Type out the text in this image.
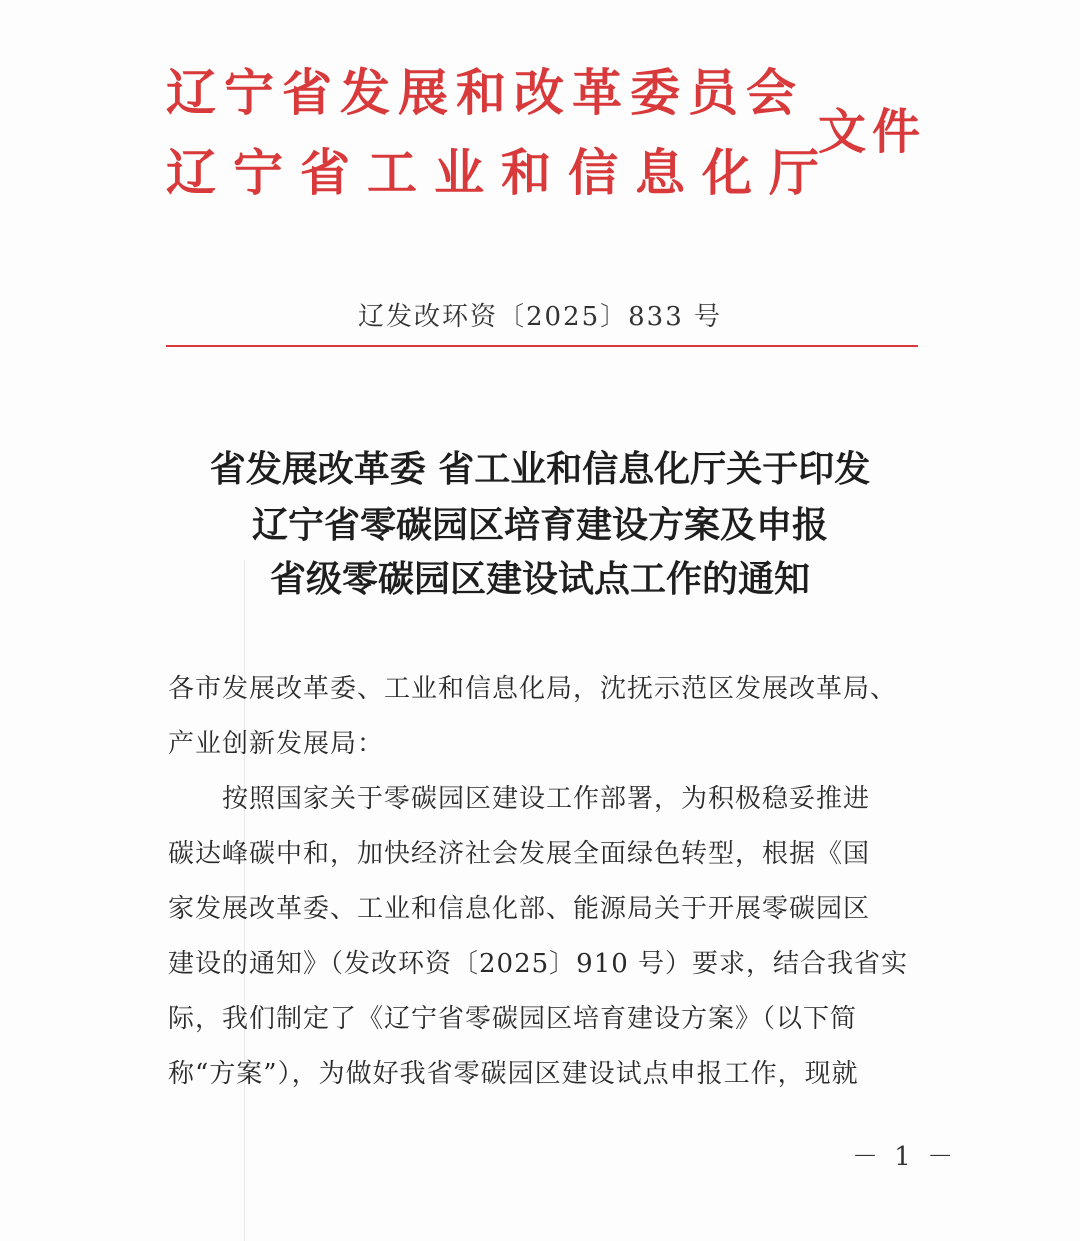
辽宁省发展和改革委员会
辽宁省工业和信息化厅
文件
辽发改环资〔2025〕833 号
省发展改革委 省工业和信息化厅关于印发
辽宁省零碳园区培育建设方案及申报
省级零碳园区建设试点工作的通知
各市发展改革委、工业和信息化局，沈抚示范区发展改革局、
产业创新发展局：
　　按照国家关于零碳园区建设工作部署，为积极稳妥推进
碳达峰碳中和，加快经济社会发展全面绿色转型，根据《国
家发展改革委、工业和信息化部、能源局关于开展零碳园区
建设的通知》（发改环资〔2025〕910 号）要求，结合我省实
际，我们制定了《辽宁省零碳园区培育建设方案》（以下简
称“方案”），为做好我省零碳园区建设试点申报工作，现就
－ 1 －
